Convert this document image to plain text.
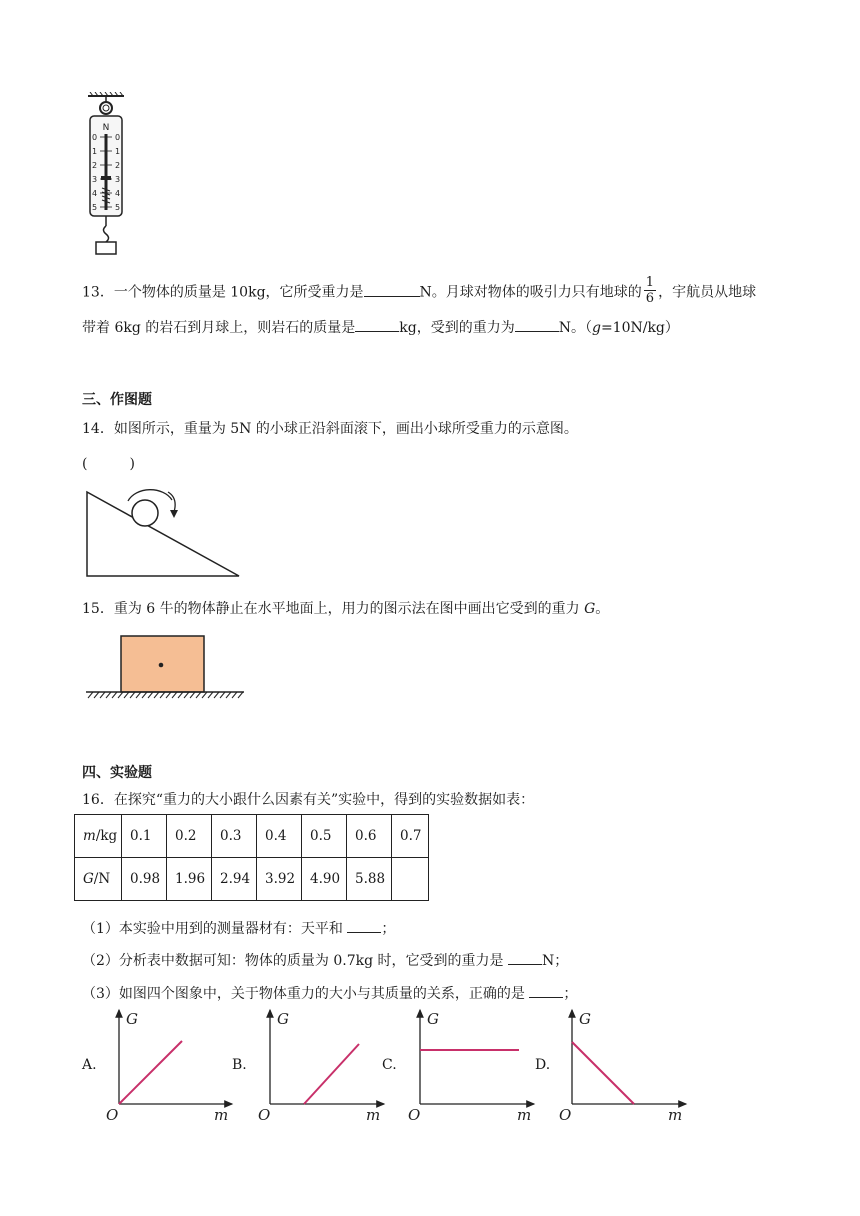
N
0
1
2
3
4
5
0
1
2
3
4
5
13．一个物体的质量是 10kg，它所受重力是	N。月球对物体的吸引力只有地球的 $\frac{1}{6}$ ，宇航员从地球
带着 6kg 的岩石到月球上，则岩石的质量是	kg，受到的重力为	N。（g=10N/kg）
三、作图题
14．如图所示，重量为 5N 的小球正沿斜面滚下，画出小球所受重力的示意图。
(　　　)
15．重为 6 牛的物体静止在水平地面上，用力的图示法在图中画出它受到的重力 G。
四、实验题
16．在探究“重力的大小跟什么因素有关”实验中，得到的实验数据如表：
m/kg	0.1	0.2	0.3	0.4	0.5	0.6	0.7
G/N	0.98	1.96	2.94	3.92	4.90	5.88	
（1）本实验中用到的测量器材有：天平和 ；
（2）分析表中数据可知：物体的质量为 0.7kg 时，它受到的重力是 N；
（3）如图四个图象中，关于物体重力的大小与其质量的关系，正确的是 ；
A.	B.	C.	D.
G
m
O
G
m
O
G
m
O
G
m
O
